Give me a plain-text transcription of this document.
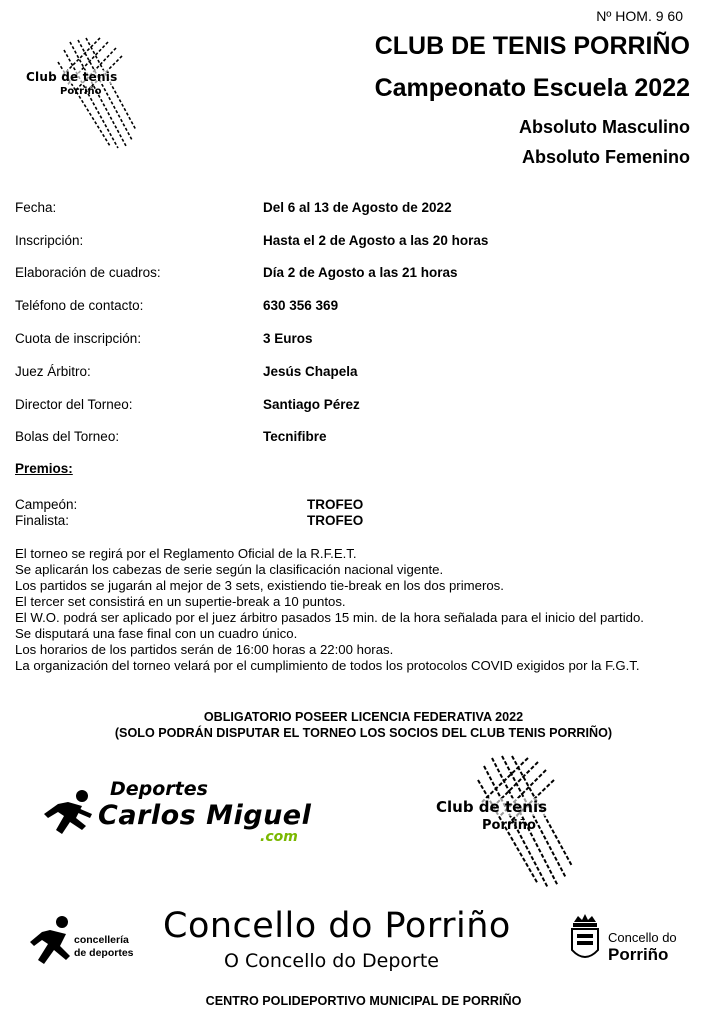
Nº HOM. 9 60
Club de tenis
Porriño
CLUB DE TENIS PORRIÑO
Campeonato Escuela 2022
Absoluto Masculino
Absoluto Femenino
Fecha:	Del 6 al 13 de Agosto de 2022
Inscripción:	Hasta el 2 de Agosto a las 20 horas
Elaboración de cuadros:	Día 2 de Agosto a las 21 horas
Teléfono de contacto:	630 356 369
Cuota de inscripción:	3 Euros
Juez Árbitro:	Jesús Chapela
Director del Torneo:	Santiago Pérez
Bolas del Torneo:	Tecnifibre
Premios:
Campeón:	TROFEO
Finalista:	TROFEO
El torneo se regirá por el Reglamento Oficial de la R.F.E.T.
Se aplicarán los cabezas de serie según la clasificación nacional vigente.
Los partidos se jugarán al mejor de 3 sets, existiendo tie-break en los dos primeros.
El tercer set consistirá en un supertie-break a 10 puntos.
El W.O. podrá ser aplicado por el juez árbitro pasados 15 min. de la hora señalada para el inicio del partido.
Se disputará una fase final con un cuadro único.
Los horarios de los partidos serán de 16:00 horas a 22:00 horas.
La organización del torneo velará por el cumplimiento de todos los protocolos COVID exigidos por la F.G.T.
OBLIGATORIO POSEER LICENCIA FEDERATIVA 2022
(SOLO PODRÁN DISPUTAR EL TORNEO LOS SOCIOS DEL CLUB TENIS PORRIÑO)
Deportes
Carlos Miguel
.com
Club de tenis
Porriño
concellería
de deportes
Concello do Porriño
O Concello do Deporte
Concello do
Porriño
CENTRO POLIDEPORTIVO MUNICIPAL DE PORRIÑO
